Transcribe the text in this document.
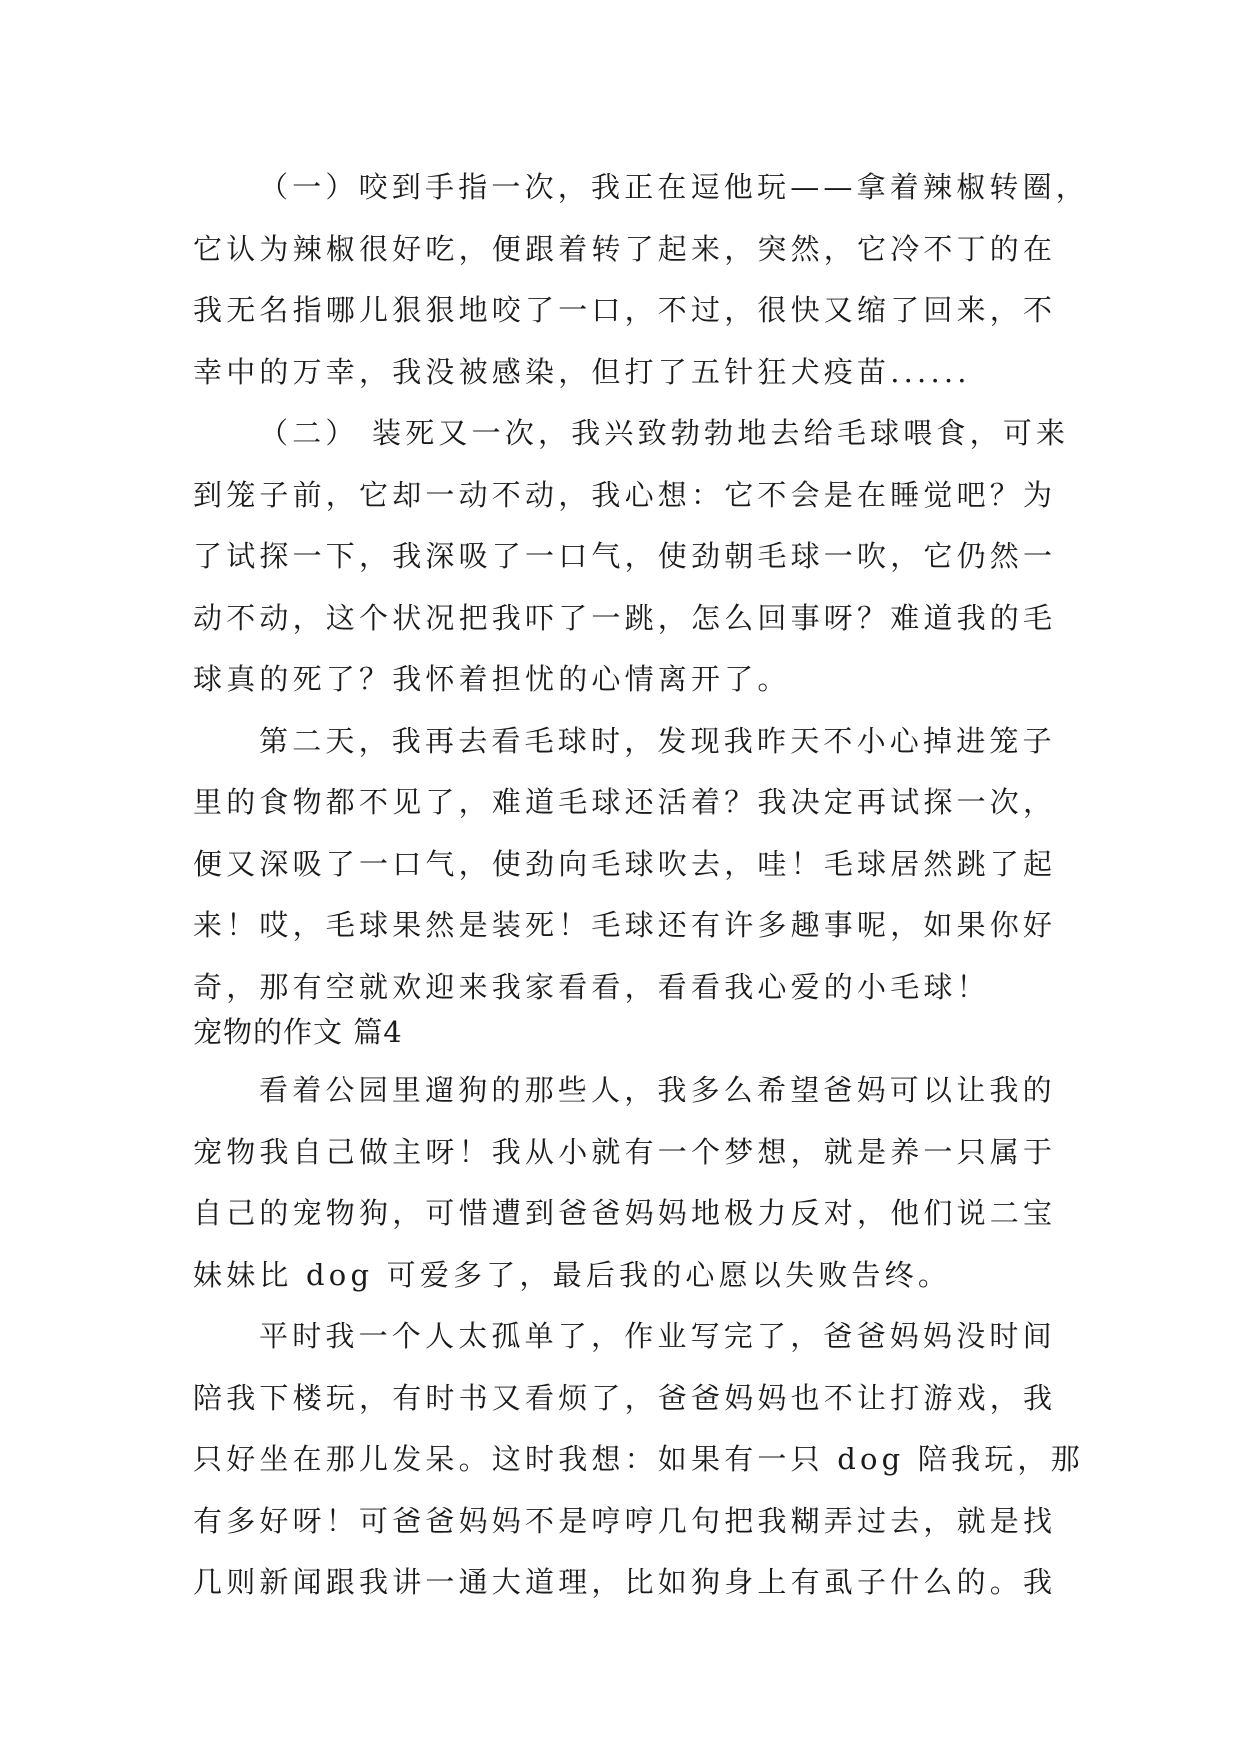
（一）咬到手指一次，我正在逗他玩——拿着辣椒转圈，
它认为辣椒很好吃，便跟着转了起来，突然，它冷不丁的在
我无名指哪儿狠狠地咬了一口，不过，很快又缩了回来，不
幸中的万幸，我没被感染，但打了五针狂犬疫苗......
（二） 装死又一次，我兴致勃勃地去给毛球喂食，可来
到笼子前，它却一动不动，我心想：它不会是在睡觉吧？为
了试探一下，我深吸了一口气，使劲朝毛球一吹，它仍然一
动不动，这个状况把我吓了一跳，怎么回事呀？难道我的毛
球真的死了？我怀着担忧的心情离开了。
第二天，我再去看毛球时，发现我昨天不小心掉进笼子
里的食物都不见了，难道毛球还活着？我决定再试探一次，
便又深吸了一口气，使劲向毛球吹去，哇！毛球居然跳了起
来！哎，毛球果然是装死！毛球还有许多趣事呢，如果你好
奇，那有空就欢迎来我家看看，看看我心爱的小毛球！
宠物的作文 篇4
看着公园里遛狗的那些人，我多么希望爸妈可以让我的
宠物我自己做主呀！我从小就有一个梦想，就是养一只属于
自己的宠物狗，可惜遭到爸爸妈妈地极力反对，他们说二宝
妹妹比 dog 可爱多了，最后我的心愿以失败告终。
平时我一个人太孤单了，作业写完了，爸爸妈妈没时间
陪我下楼玩，有时书又看烦了，爸爸妈妈也不让打游戏，我
只好坐在那儿发呆。这时我想：如果有一只 dog 陪我玩，那
有多好呀！可爸爸妈妈不是哼哼几句把我糊弄过去，就是找
几则新闻跟我讲一通大道理，比如狗身上有虱子什么的。我
